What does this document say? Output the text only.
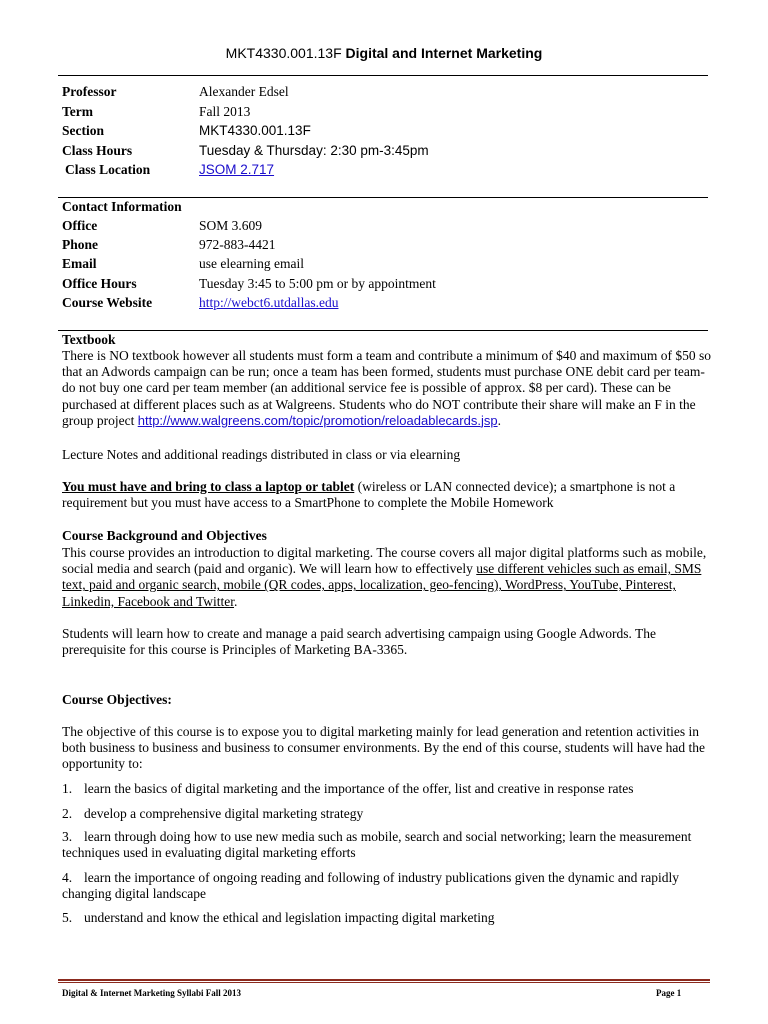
MKT4330.001.13F Digital and Internet Marketing
Professor	Alexander Edsel
Term	Fall 2013
Section	MKT4330.001.13F
Class Hours	Tuesday & Thursday: 2:30 pm-3:45pm
Class Location	JSOM 2.717
Contact Information
Office	SOM 3.609
Phone	972-883-4421
Email	use elearning email
Office Hours	Tuesday 3:45 to 5:00 pm or by appointment
Course Website	http://webct6.utdallas.edu
Textbook
There is NO textbook however all students must form a team and contribute a minimum of $40 and maximum of $50 so that an Adwords campaign can be run; once a team has been formed, students must purchase ONE debit card per team- do not buy one card per team member (an additional service fee is possible of approx. $8 per card). These can be purchased at different places such as at Walgreens. Students who do NOT contribute their share will make an F in the group project http://www.walgreens.com/topic/promotion/reloadablecards.jsp.
Lecture Notes and additional readings distributed in class or via elearning
You must have and bring to class a laptop or tablet (wireless or LAN connected device); a smartphone is not a requirement but you must have access to a SmartPhone to complete the Mobile Homework
Course Background and Objectives
This course provides an introduction to digital marketing. The course covers all major digital platforms such as mobile, social media and search (paid and organic). We will learn how to effectively use different vehicles such as email, SMS text, paid and organic search, mobile (QR codes, apps, localization, geo-fencing), WordPress, YouTube, Pinterest, Linkedin, Facebook and Twitter.
Students will learn how to create and manage a paid search advertising campaign using Google Adwords. The prerequisite for this course is Principles of Marketing BA-3365.
Course Objectives:
The objective of this course is to expose you to digital marketing mainly for lead generation and retention activities in both business to business and business to consumer environments. By the end of this course, students will have had the opportunity to:
1. learn the basics of digital marketing and the importance of the offer, list and creative in response rates
2. develop a comprehensive digital marketing strategy
3. learn through doing how to use new media such as mobile, search and social networking; learn the measurement techniques used in evaluating digital marketing efforts
4. learn the importance of ongoing reading and following of industry publications given the dynamic and rapidly changing digital landscape
5. understand and know the ethical and legislation impacting digital marketing
Digital & Internet Marketing Syllabi Fall 2013	Page 1
